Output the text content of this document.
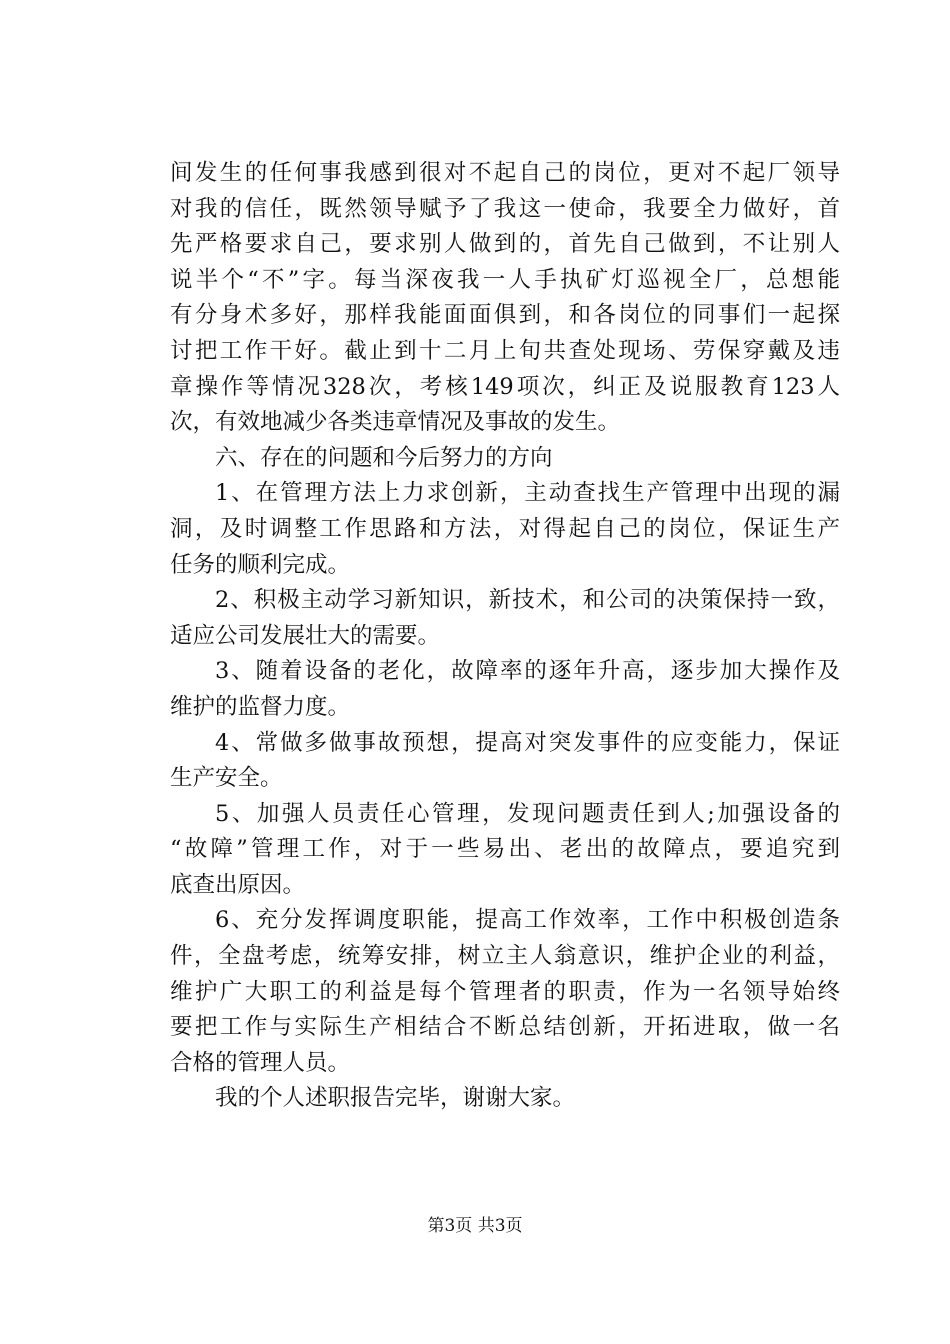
间发生的任何事我感到很对不起自己的岗位，更对不起厂领导
对我的信任，既然领导赋予了我这一使命，我要全力做好，首
先严格要求自己，要求别人做到的，首先自己做到，不让别人
说半个“不”字。每当深夜我一人手执矿灯巡视全厂，总想能
有分身术多好，那样我能面面俱到，和各岗位的同事们一起探
讨把工作干好。截止到十二月上旬共查处现场、劳保穿戴及违
章操作等情况328次，考核149项次，纠正及说服教育123人
次，有效地减少各类违章情况及事故的发生。
六、存在的问题和今后努力的方向
1、在管理方法上力求创新，主动查找生产管理中出现的漏
洞，及时调整工作思路和方法，对得起自己的岗位，保证生产
任务的顺利完成。
2、积极主动学习新知识，新技术，和公司的决策保持一致，
适应公司发展壮大的需要。
3、随着设备的老化，故障率的逐年升高，逐步加大操作及
维护的监督力度。
4、常做多做事故预想，提高对突发事件的应变能力，保证
生产安全。
5、加强人员责任心管理，发现问题责任到人;加强设备的
“故障”管理工作，对于一些易出、老出的故障点，要追究到
底查出原因。
6、充分发挥调度职能，提高工作效率，工作中积极创造条
件，全盘考虑，统筹安排，树立主人翁意识，维护企业的利益，
维护广大职工的利益是每个管理者的职责，作为一名领导始终
要把工作与实际生产相结合不断总结创新，开拓进取，做一名
合格的管理人员。
我的个人述职报告完毕，谢谢大家。
第3页 共3页
